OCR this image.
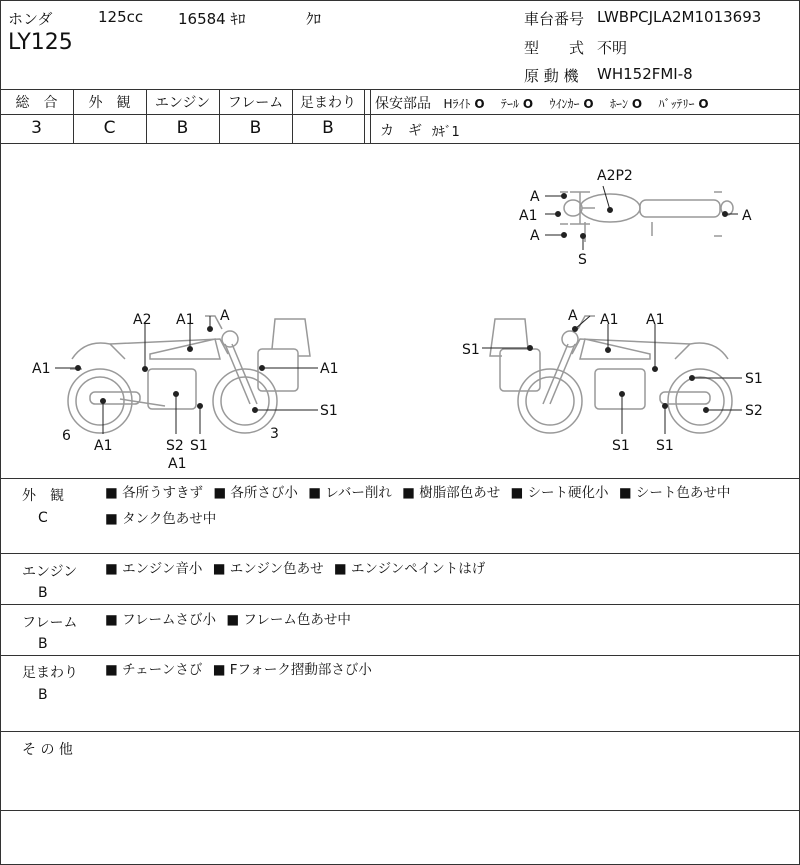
ホンダ	125cc 16584 ｷﾛ	ｸﾛ
LY125
車台番号 LWBPCJLA2M1013693
型　　式 不明
原 動 機 WH152FMI-8
総　合	外　観	エンジン	フレーム	足まわり
3	C	B	B	B
保安部品 Hﾗｲﾄ O ﾃｰﾙ O ｳｲﾝｶｰ O ﾎｰﾝ O ﾊﾞｯﾃﾘｰ O
カ　ギ ｶｷﾞ1
A2P2
A
A1
A
S
A
A2 A1 A
A1	A1
6
A1	S2 S1
A1
3
S1
A A1 A1
S1
S1
S2
S1 S1
外　観
C
■ 各所うすきず ■ 各所さび小 ■ レバー削れ ■ 樹脂部色あせ ■ シート硬化小 ■ シート色あせ中
■ タンク色あせ中
エンジン
B
■ エンジン音小 ■ エンジン色あせ ■ エンジンペイントはげ
フレーム
B
■ フレームさび小 ■ フレーム色あせ中
足まわり
B
■ チェーンさび ■ Fフォーク摺動部さび小
そ の 他
